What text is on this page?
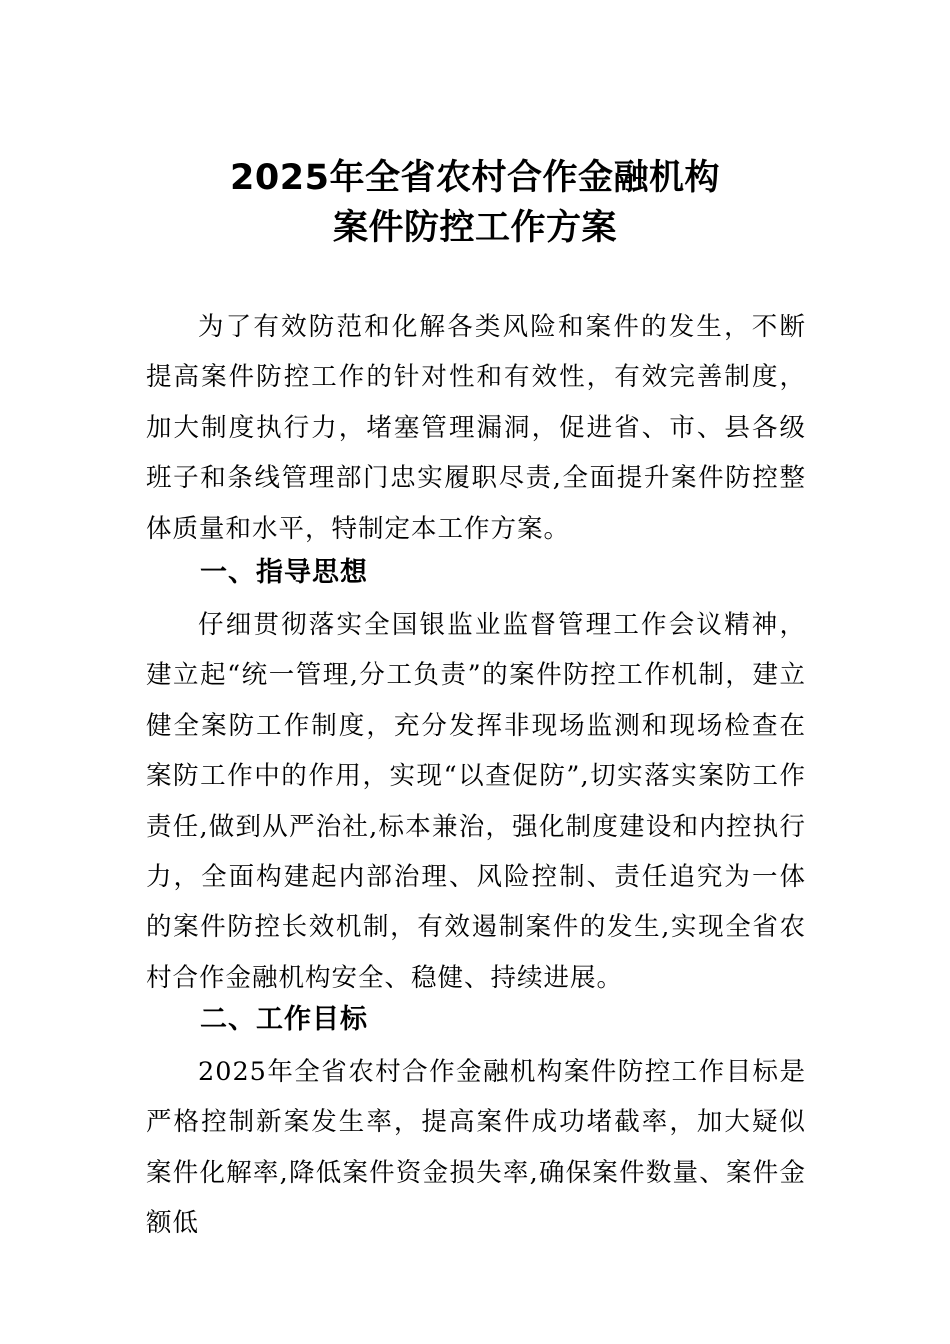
2025年全省农村合作金融机构
案件防控工作方案

为了有效防范和化解各类风险和案件的发生，不断提高案件防控工作的针对性和有效性，有效完善制度，加大制度执行力，堵塞管理漏洞，促进省、市、县各级班子和条线管理部门忠实履职尽责,全面提升案件防控整体质量和水平，特制定本工作方案。

一、指导思想

仔细贯彻落实全国银监业监督管理工作会议精神，建立起“统一管理,分工负责”的案件防控工作机制，建立健全案防工作制度，充分发挥非现场监测和现场检查在案防工作中的作用，实现“以查促防”,切实落实案防工作责任,做到从严治社,标本兼治，强化制度建设和内控执行力，全面构建起内部治理、风险控制、责任追究为一体的案件防控长效机制，有效遏制案件的发生,实现全省农村合作金融机构安全、稳健、持续进展。

二、工作目标

2025年全省农村合作金融机构案件防控工作目标是严格控制新案发生率，提高案件成功堵截率，加大疑似案件化解率,降低案件资金损失率,确保案件数量、案件金额低
